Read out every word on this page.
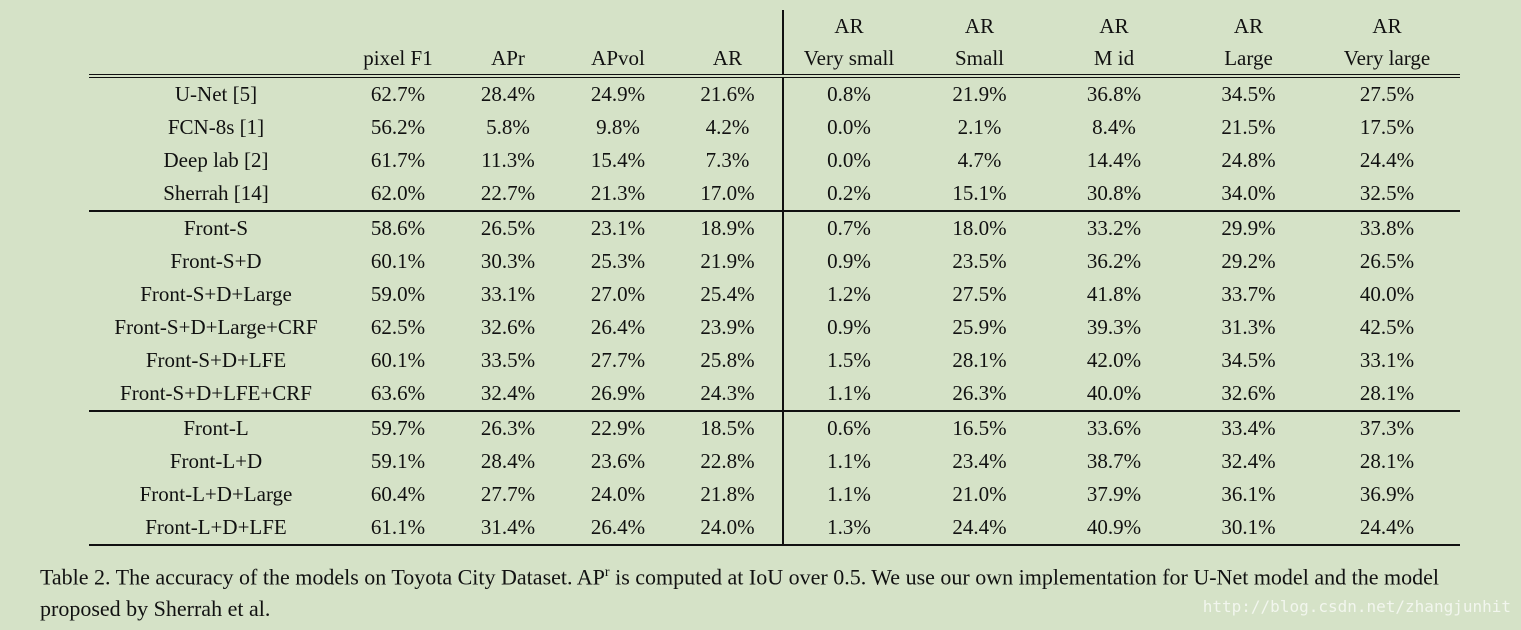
					AR	AR	AR	AR	AR
	pixel F1	APr	APvol	AR	Very small	Small	M id	Large	Very large
U-Net [5]	62.7%	28.4%	24.9%	21.6%	0.8%	21.9%	36.8%	34.5%	27.5%
FCN-8s [1]	56.2%	5.8%	9.8%	4.2%	0.0%	2.1%	8.4%	21.5%	17.5%
Deep lab [2]	61.7%	11.3%	15.4%	7.3%	0.0%	4.7%	14.4%	24.8%	24.4%
Sherrah [14]	62.0%	22.7%	21.3%	17.0%	0.2%	15.1%	30.8%	34.0%	32.5%
Front-S	58.6%	26.5%	23.1%	18.9%	0.7%	18.0%	33.2%	29.9%	33.8%
Front-S+D	60.1%	30.3%	25.3%	21.9%	0.9%	23.5%	36.2%	29.2%	26.5%
Front-S+D+Large	59.0%	33.1%	27.0%	25.4%	1.2%	27.5%	41.8%	33.7%	40.0%
Front-S+D+Large+CRF	62.5%	32.6%	26.4%	23.9%	0.9%	25.9%	39.3%	31.3%	42.5%
Front-S+D+LFE	60.1%	33.5%	27.7%	25.8%	1.5%	28.1%	42.0%	34.5%	33.1%
Front-S+D+LFE+CRF	63.6%	32.4%	26.9%	24.3%	1.1%	26.3%	40.0%	32.6%	28.1%
Front-L	59.7%	26.3%	22.9%	18.5%	0.6%	16.5%	33.6%	33.4%	37.3%
Front-L+D	59.1%	28.4%	23.6%	22.8%	1.1%	23.4%	38.7%	32.4%	28.1%
Front-L+D+Large	60.4%	27.7%	24.0%	21.8%	1.1%	21.0%	37.9%	36.1%	36.9%
Front-L+D+LFE	61.1%	31.4%	26.4%	24.0%	1.3%	24.4%	40.9%	30.1%	24.4%

Table 2. The accuracy of the models on Toyota City Dataset. $AP^r$ is computed at IoU over 0.5. We use our own implementation for U-Net model and the model proposed by Sherrah et al.	http://blog.csdn.net/zhangjunhit
